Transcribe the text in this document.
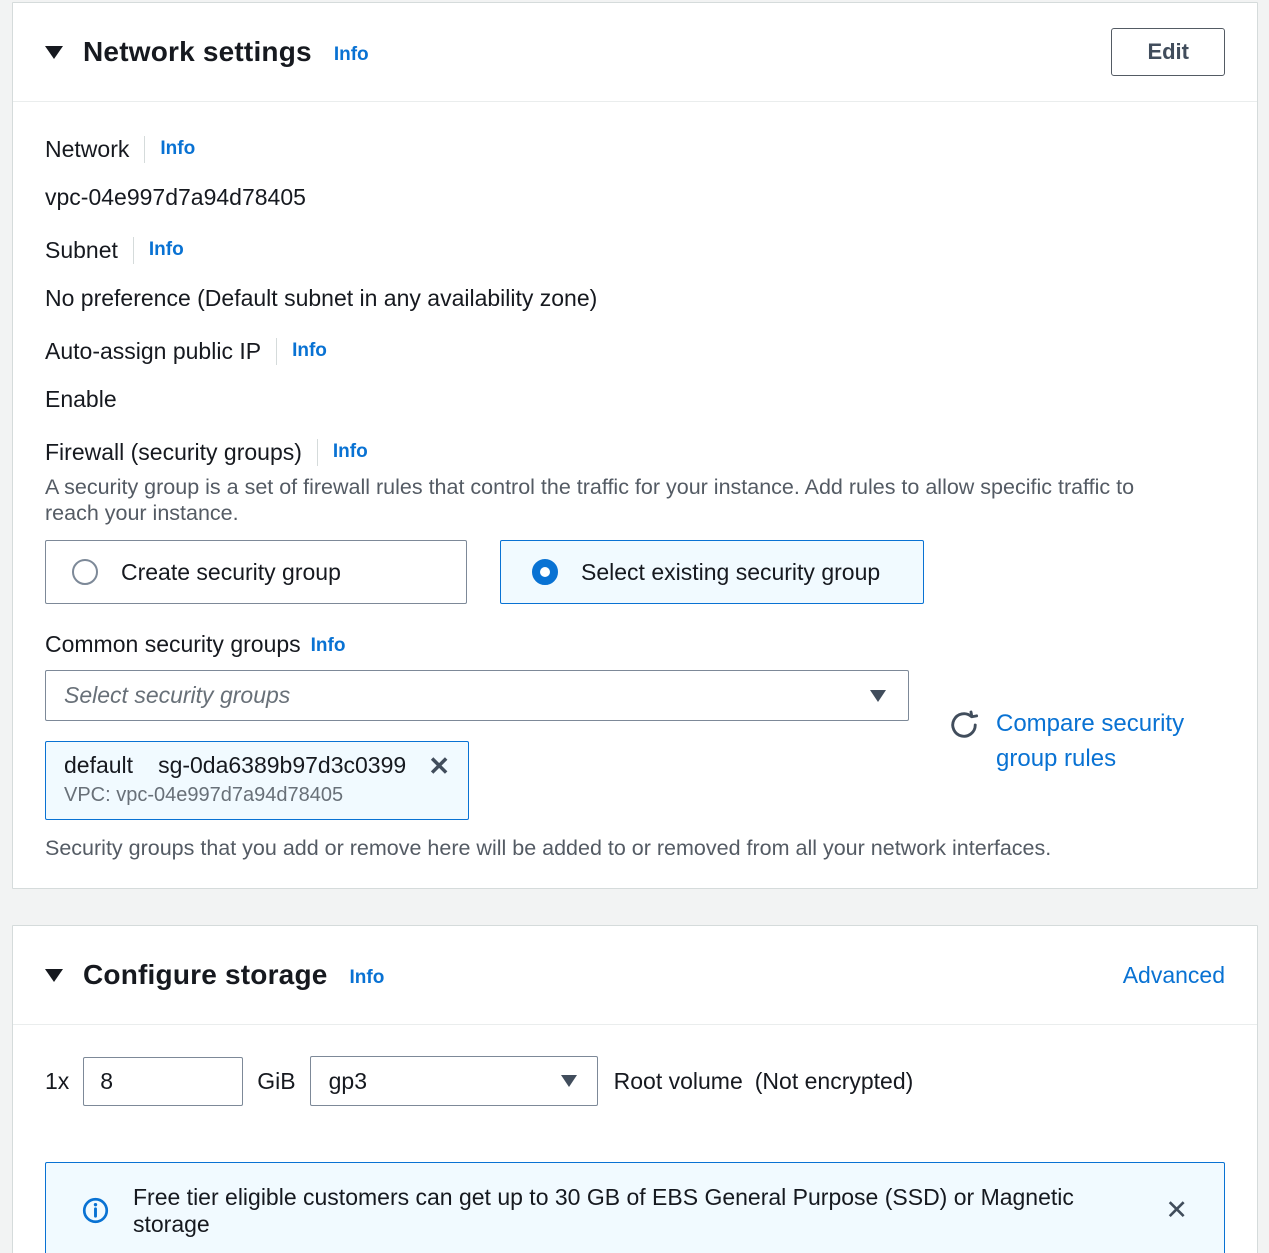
Network settings Info	Edit
Network Info
vpc-04e997d7a94d78405
Subnet Info
No preference (Default subnet in any availability zone)
Auto-assign public IP Info
Enable
Firewall (security groups) Info
A security group is a set of firewall rules that control the traffic for your instance. Add rules to allow specific traffic to reach your instance.
Create security group	Select existing security group
Common security groups Info
Select security groups
default sg-0da6389b97d3c0399 ✕
VPC: vpc-04e997d7a94d78405
Compare security group rules
Security groups that you add or remove here will be added to or removed from all your network interfaces.
Configure storage Info	Advanced
1x
8	GiB gp3	Root volume (Not encrypted)
Free tier eligible customers can get up to 30 GB of EBS General Purpose (SSD) or Magnetic storage	✕
